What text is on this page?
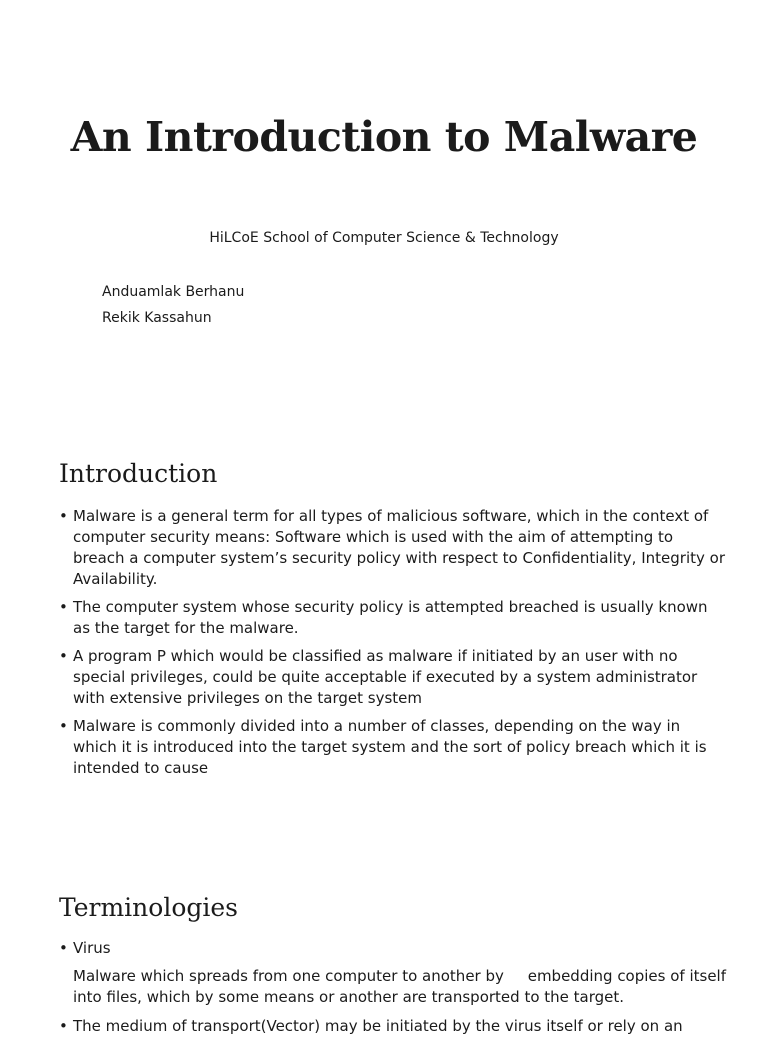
An Introduction to Malware

HiLCoE School of Computer Science & Technology

Anduamlak Berhanu

Rekik Kassahun

Introduction
• Malware is a general term for all types of malicious software, which in the context of computer security means: Software which is used with the aim of attempting to breach a computer system’s security policy with respect to Confidentiality, Integrity or Availability.
• The computer system whose security policy is attempted breached is usually known as the target for the malware.
• A program P which would be classified as malware if initiated by an user with no special privileges, could be quite acceptable if executed by a system administrator with extensive privileges on the target system
• Malware is commonly divided into a number of classes, depending on the way in which it is introduced into the target system and the sort of policy breach which it is intended to cause
Terminologies
• Virus

Malware which spreads from one computer to another by     embedding copies of itself into files, which by some means or another are transported to the target.

• The medium of transport(Vector) may be initiated by the virus itself or rely on an
